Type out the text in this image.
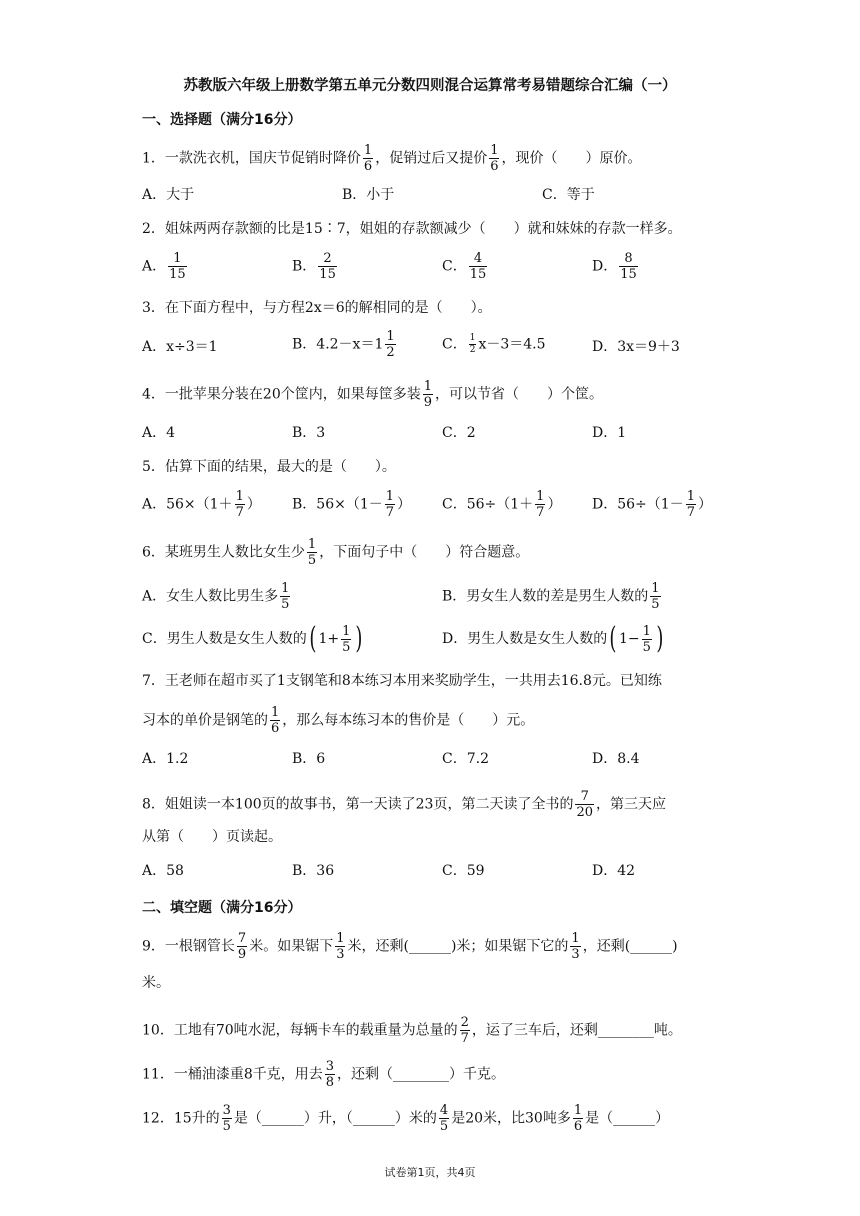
苏教版六年级上册数学第五单元分数四则混合运算常考易错题综合汇编（一）
一、选择题（满分16分）
1．一款洗衣机，国庆节促销时降价 $\frac{1}{6}$ ，促销过后又提价 $\frac{1}{6}$ ，现价（　　）原价。
A．大于	B．小于	C．等于
2．姐妹两两存款额的比是15∶7，姐姐的存款额减少（　　）就和妹妹的存款一样多。
A． $\frac{1}{15}$	B． $\frac{2}{15}$	C． $\frac{4}{15}$	D． $\frac{8}{15}$
3．在下面方程中，与方程2x＝6的解相同的是（　　）。
A．x÷3＝1	B．$4.2-x=1 \frac{1}{2}$	C． $\frac{1}{2} x-3=4.5$	D．3x＝9＋3
4．一批苹果分装在20个筐内，如果每筐多装 $\frac{1}{9}$ ，可以节省（　　）个筐。
A．4	B．3	C．2	D．1
5．估算下面的结果，最大的是（　　）。
A．$56\times(1+ \frac{1}{7}$ ） B．$56\times(1- \frac{1}{7}$ ） C．$56\div(1+ \frac{1}{7}$ ） D．$56\div(1- \frac{1}{7}$ ）
6．某班男生人数比女生少 $\frac{1}{5}$ ，下面句子中（　　）符合题意。
A．女生人数比男生多 $\frac{1}{5}$	B．男女生人数的差是男生人数的 $\frac{1}{5}$
C．男生人数是女生人数的( $1+ \frac{1}{5}$ )	D．男生人数是女生人数的( $1- \frac{1}{5}$ )
7．王老师在超市买了1支钢笔和8本练习本用来奖励学生，一共用去16.8元。已知练
习本的单价是钢笔的 $\frac{1}{6}$ ，那么每本练习本的售价是（　　）元。
A．1.2	B．6	C．7.2	D．8.4
8．姐姐读一本100页的故事书，第一天读了23页，第二天读了全书的 $\frac{7}{20}$ ，第三天应
从第（　　）页读起。
A．58	B．36	C．59	D．42
二、填空题（满分16分）
9．一根钢管长 $\frac{7}{9}$ 米。如果锯下 $\frac{1}{3}$ 米，还剩(______)米；如果锯下它的 $\frac{1}{3}$ ，还剩(______)
米。
10．工地有70吨水泥，每辆卡车的载重量为总量的 $\frac{2}{7}$ ，运了三车后，还剩________吨。
11．一桶油漆重8千克，用去 $\frac{3}{8}$ ，还剩（________）千克。
12．15升的 $\frac{3}{5}$ 是（______）升，（______）米的 $\frac{4}{5}$ 是20米，比30吨多 $\frac{1}{6}$ 是（______）
试卷第1页，共4页
